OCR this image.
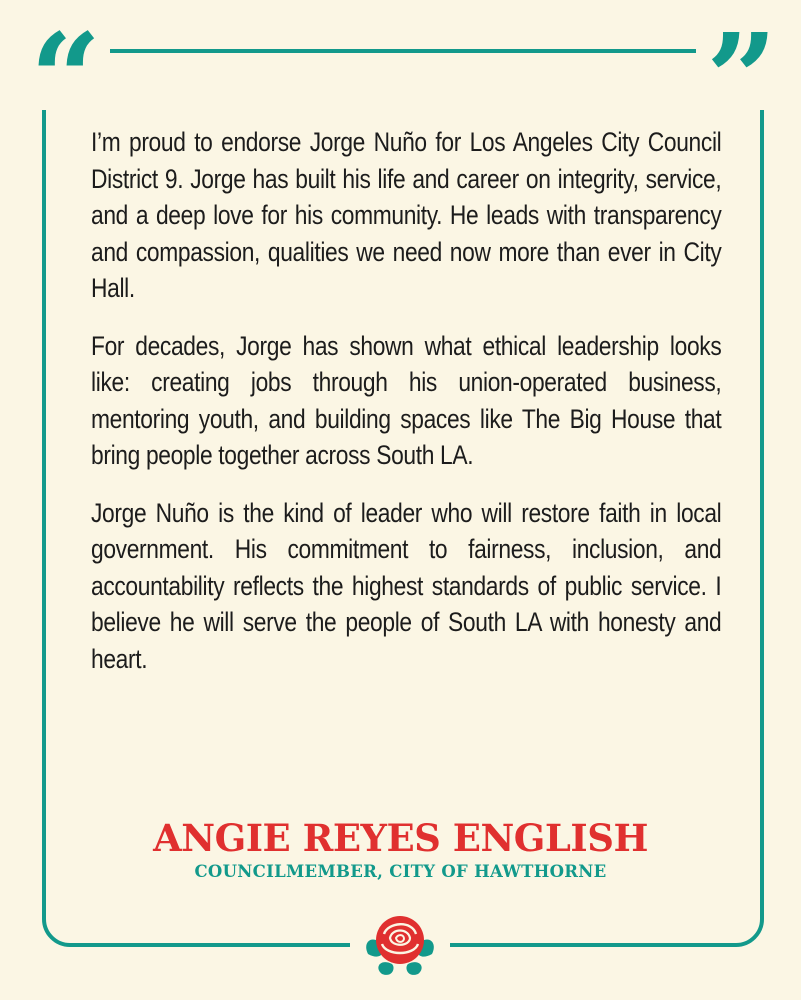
“	”

I’m proud to endorse Jorge Nuño for Los Angeles City Council District 9. Jorge has built his life and career on integrity, service, and a deep love for his community. He leads with transparency and compassion, qualities we need now more than ever in City Hall.

For decades, Jorge has shown what ethical leadership looks like: creating jobs through his union-operated business, mentoring youth, and building spaces like The Big House that bring people together across South LA.

Jorge Nuño is the kind of leader who will restore faith in local government. His commitment to fairness, inclusion, and accountability reflects the highest standards of public service. I believe he will serve the people of South LA with honesty and heart.

ANGIE REYES ENGLISH

COUNCILMEMBER, CITY OF HAWTHORNE
